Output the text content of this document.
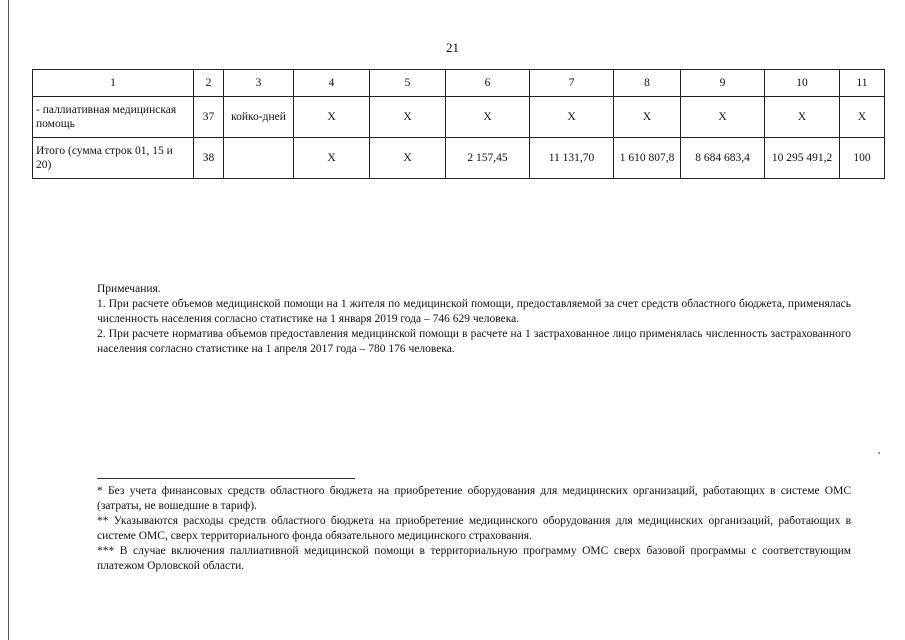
21
1	2	3	4	5	6	7	8	9	10	11
- паллиативная медицинская помощь	37	койко-дней	Х	Х	Х	Х	Х	Х	Х	Х
Итого (сумма строк 01, 15 и 20)	38		Х	Х	2 157,45	11 131,70	1 610 807,8	8 684 683,4	10 295 491,2	100

Примечания.

1. При расчете объемов медицинской помощи на 1 жителя по медицинской помощи, предоставляемой за счет средств областного бюджета, применялась численность населения согласно статистике на 1 января 2019 года – 746 629 человека.

2. При расчете норматива объемов предоставления медицинской помощи в расчете на 1 застрахованное лицо применялась численность застрахованного населения согласно статистике на 1 апреля 2017 года – 780 176 человека.

* Без учета финансовых средств областного бюджета на приобретение оборудования для медицинских организаций, работающих в системе ОМС (затраты, не вошедшие в тариф).

** Указываются расходы средств областного бюджета на приобретение медицинского оборудования для медицинских организаций, работающих в системе ОМС, сверх территориального фонда обязательного медицинского страхования.

*** В случае включения паллиативной медицинской помощи в территориальную программу ОМС сверх базовой программы с соответствующим платежом Орловской области.
